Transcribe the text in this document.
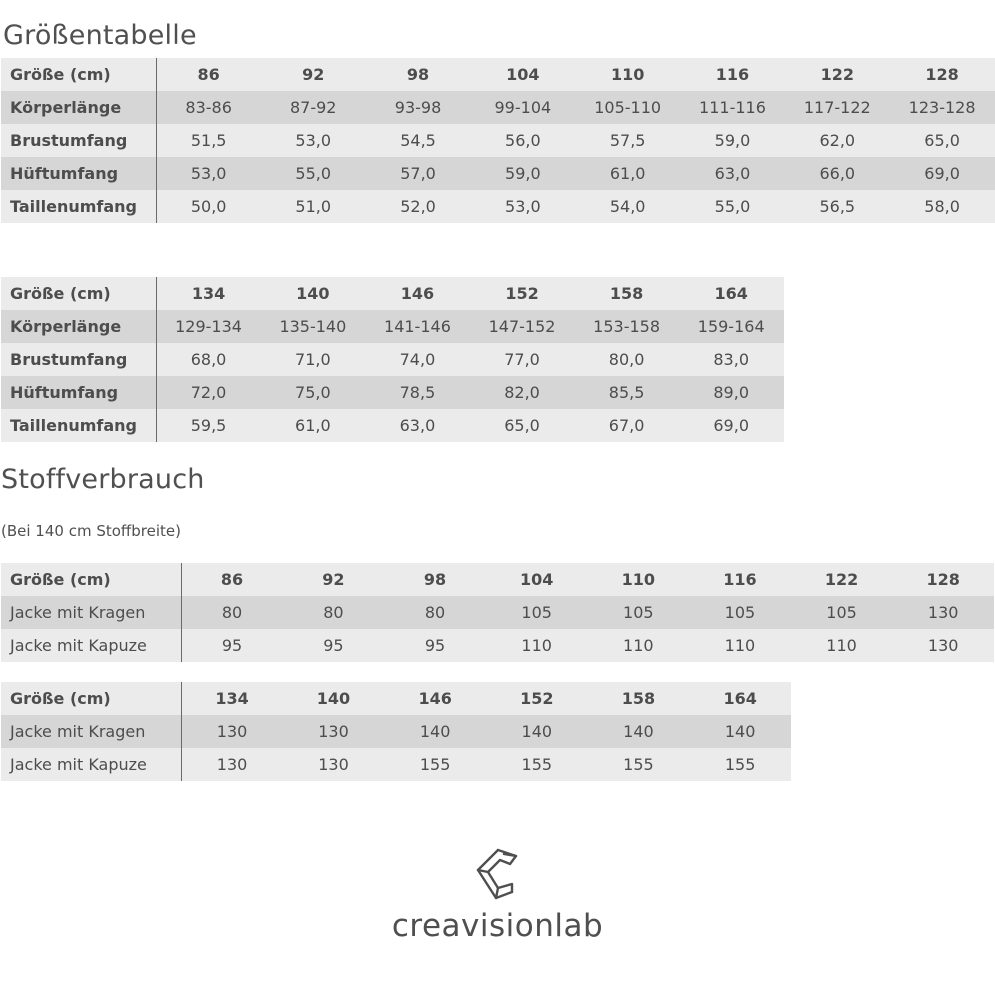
Größentabelle
Größe (cm)	86	92	98	104	110	116	122	128
Körperlänge	83-86	87-92	93-98	99-104	105-110	111-116	117-122	123-128
Brustumfang	51,5	53,0	54,5	56,0	57,5	59,0	62,0	65,0
Hüftumfang	53,0	55,0	57,0	59,0	61,0	63,0	66,0	69,0
Taillenumfang	50,0	51,0	52,0	53,0	54,0	55,0	56,5	58,0
Größe (cm)	134	140	146	152	158	164
Körperlänge	129-134	135-140	141-146	147-152	153-158	159-164
Brustumfang	68,0	71,0	74,0	77,0	80,0	83,0
Hüftumfang	72,0	75,0	78,5	82,0	85,5	89,0
Taillenumfang	59,5	61,0	63,0	65,0	67,0	69,0
Stoffverbrauch
(Bei 140 cm Stoffbreite)
Größe (cm)	86	92	98	104	110	116	122	128
Jacke mit Kragen	80	80	80	105	105	105	105	130
Jacke mit Kapuze	95	95	95	110	110	110	110	130
Größe (cm)	134	140	146	152	158	164
Jacke mit Kragen	130	130	140	140	140	140
Jacke mit Kapuze	130	130	155	155	155	155
creavisionlab
